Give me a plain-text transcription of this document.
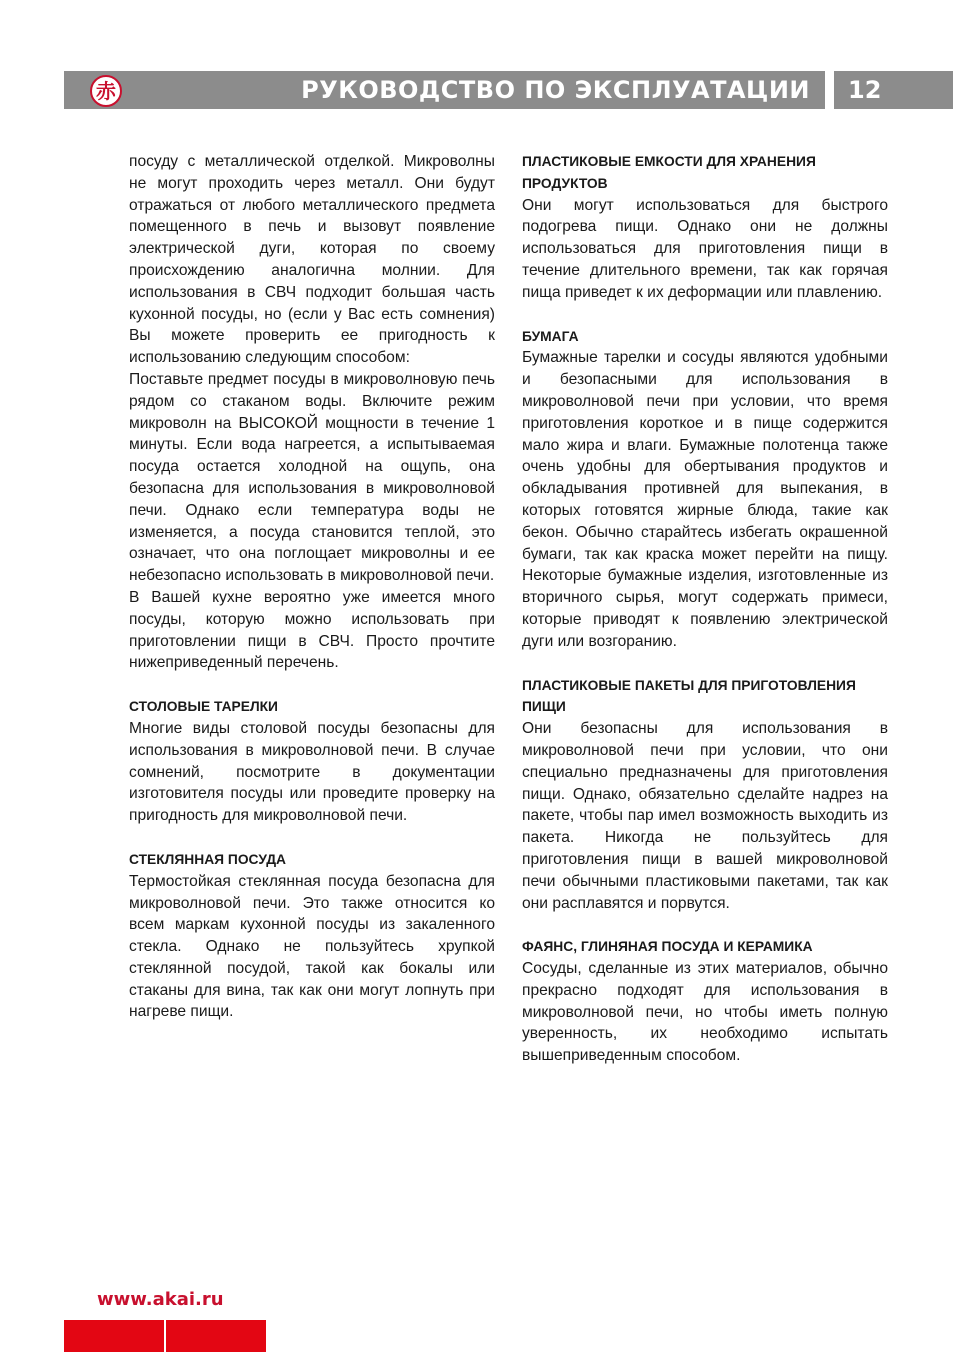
赤	РУКОВОДСТВО ПО ЭКСПЛУАТАЦИИ 12

посуду с металлической отделкой. Микроволны не могут проходить через металл. Они будут отражаться от любого металлического предмета помещенного в печь и вызовут появление электрической дуги, которая по своему происхождению аналогична молнии. Для использования в СВЧ подходит большая часть кухонной посуды, но (если у Вас есть сомнения) Вы можете проверить ее пригодность к использованию следующим способом:

Поставьте предмет посуды в микроволновую печь рядом со стаканом воды. Включите режим микроволн на ВЫСОКОЙ мощности в течение 1 минуты. Если вода нагреется, а испытываемая посуда остается холодной на ощупь, она безопасна для использования в микроволновой печи. Однако если температура воды не изменяется, а посуда становится теплой, это означает, что она поглощает микроволны и ее небезопасно использовать в микроволновой печи.

В Вашей кухне вероятно уже имеется много посуды, которую можно использовать при приготовлении пищи в СВЧ. Просто прочтите нижеприведенный перечень.

СТОЛОВЫЕ ТАРЕЛКИ

Многие виды столовой посуды безопасны для использования в микроволновой печи. В случае сомнений, посмотрите в документации изготовителя посуды или проведите проверку на пригодность для микроволновой печи.

СТЕКЛЯННАЯ ПОСУДА

Термостойкая стеклянная посуда безопасна для микроволновой печи. Это также относится ко всем маркам кухонной посуды из закаленного стекла. Однако не пользуйтесь хрупкой стеклянной посудой, такой как бокалы или стаканы для вина, так как они могут лопнуть при нагреве пищи.

ПЛАСТИКОВЫЕ ЕМКОСТИ ДЛЯ ХРАНЕНИЯ ПРОДУКТОВ

Они могут использоваться для быстрого подогрева пищи. Однако они не должны использоваться для приготовления пищи в течение длительного времени, так как горячая пища приведет к их деформации или плавлению.

БУМАГА

Бумажные тарелки и сосуды являются удобными и безопасными для использования в микроволновой печи при условии, что время приготовления короткое и в пище содержится мало жира и влаги. Бумажные полотенца также очень удобны для обертывания продуктов и обкладывания противней для выпекания, в которых готовятся жирные блюда, такие как бекон. Обычно старайтесь избегать окрашенной бумаги, так как краска может перейти на пищу. Некоторые бумажные изделия, изготовленные из вторичного сырья, могут содержать примеси, которые приводят к появлению электрической дуги или возгоранию.

ПЛАСТИКОВЫЕ ПАКЕТЫ ДЛЯ ПРИГОТОВЛЕНИЯ ПИЩИ

Они безопасны для использования в микроволновой печи при условии, что они специально предназначены для приготовления пищи. Однако, обязательно сделайте надрез на пакете, чтобы пар имел возможность выходить из пакета. Никогда не пользуйтесь для приготовления пищи в вашей микроволновой печи обычными пластиковыми пакетами, так как они расплавятся и порвутся.

ФАЯНС, ГЛИНЯНАЯ ПОСУДА И КЕРАМИКА

Сосуды, сделанные из этих материалов, обычно прекрасно подходят для использования в микроволновой печи, но чтобы иметь полную уверенность, их необходимо испытать вышеприведенным способом.

www.akai.ru
